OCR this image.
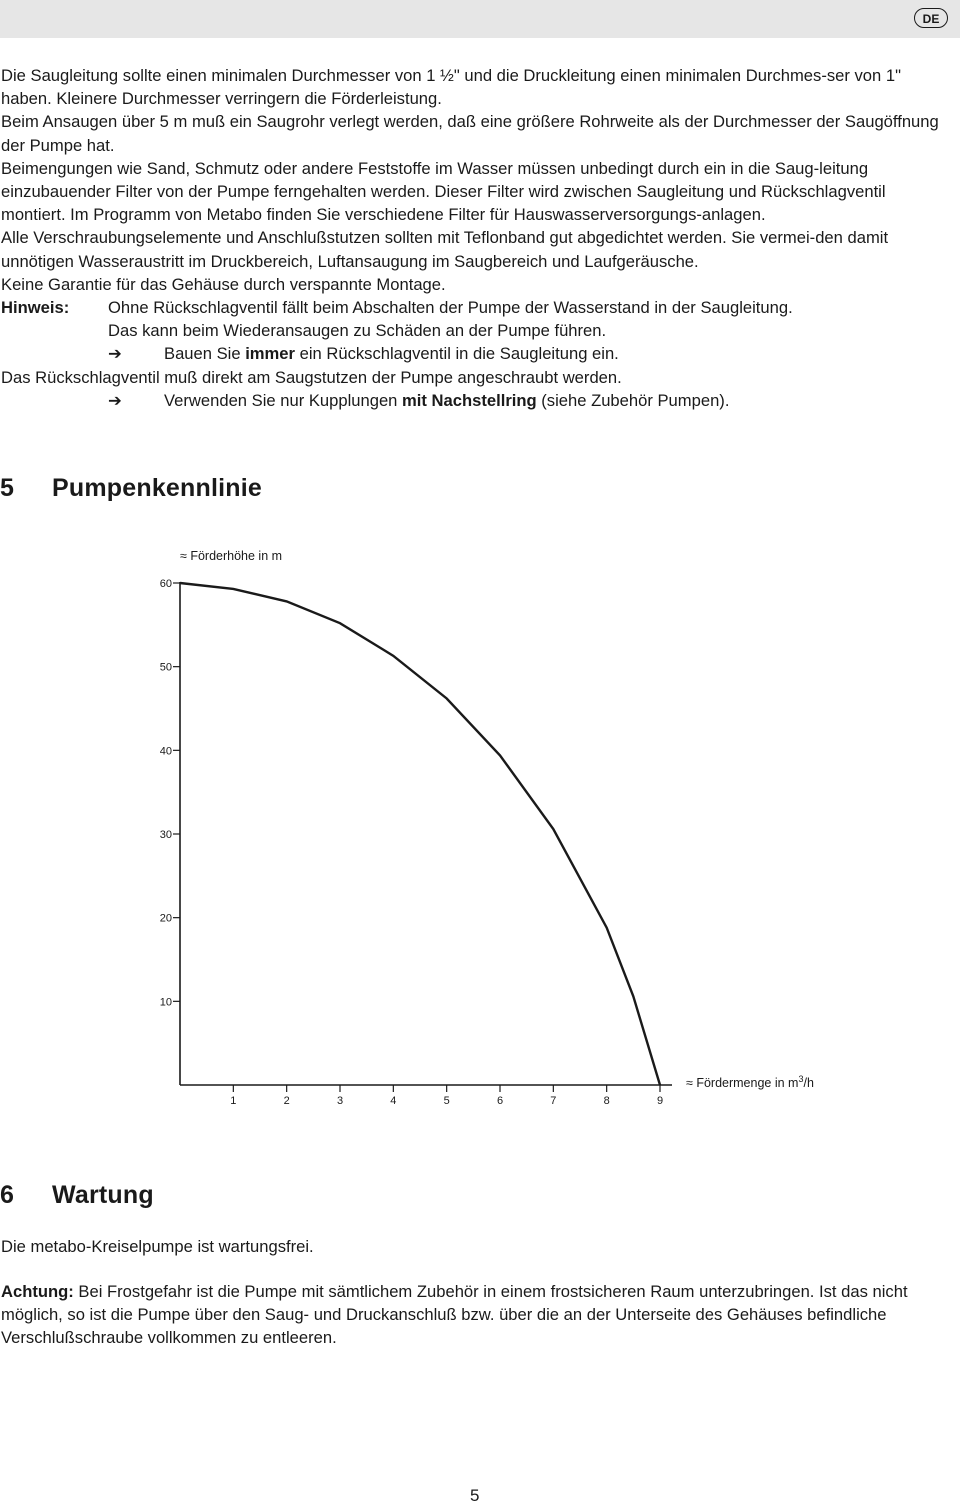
DE

Die Saugleitung sollte einen minimalen Durchmesser von 1 ½" und die Druckleitung einen minimalen Durchmes-ser von 1" haben. Kleinere Durchmesser verringern die Förderleistung.

Beim Ansaugen über 5 m muß ein Saugrohr verlegt werden, daß eine größere Rohrweite als der Durchmesser der Saugöffnung der Pumpe hat.

Beimengungen wie Sand, Schmutz oder andere Feststoffe im Wasser müssen unbedingt durch ein in die Saug-leitung einzubauender Filter von der Pumpe ferngehalten werden. Dieser Filter wird zwischen Saugleitung und Rückschlagventil montiert. Im Programm von Metabo finden Sie verschiedene Filter für Hauswasserversorgungs-anlagen.

Alle Verschraubungselemente und Anschlußstutzen sollten mit Teflonband gut abgedichtet werden. Sie vermei-den damit unnötigen Wasseraustritt im Druckbereich, Luftansaugung im Saugbereich und Laufgeräusche.

Keine Garantie für das Gehäuse durch verspannte Montage.

Hinweis:	Ohne Rückschlagventil fällt beim Abschalten der Pumpe der Wasserstand in der Saugleitung.

Das kann beim Wiederansaugen zu Schäden an der Pumpe führen.

➔	Bauen Sie immer ein Rückschlagventil in die Saugleitung ein.

Das Rückschlagventil muß direkt am Saugstutzen der Pumpe angeschraubt werden.

➔	Verwenden Sie nur Kupplungen mit Nachstellring (siehe Zubehör Pumpen).
5 Pumpenkennlinie
10
20
30
40
50
60
1	2	3	4	5	6	7	8	9
≈ Förderhöhe in m
≈ Fördermenge in $m^3/h$
6 Wartung

Die metabo-Kreiselpumpe ist wartungsfrei.

Achtung: Bei Frostgefahr ist die Pumpe mit sämtlichem Zubehör in einem frostsicheren Raum unterzubringen. Ist das nicht möglich, so ist die Pumpe über den Saug- und Druckanschluß bzw. über die an der Unterseite des Gehäuses befindliche Verschlußschraube vollkommen zu entleeren.

5
